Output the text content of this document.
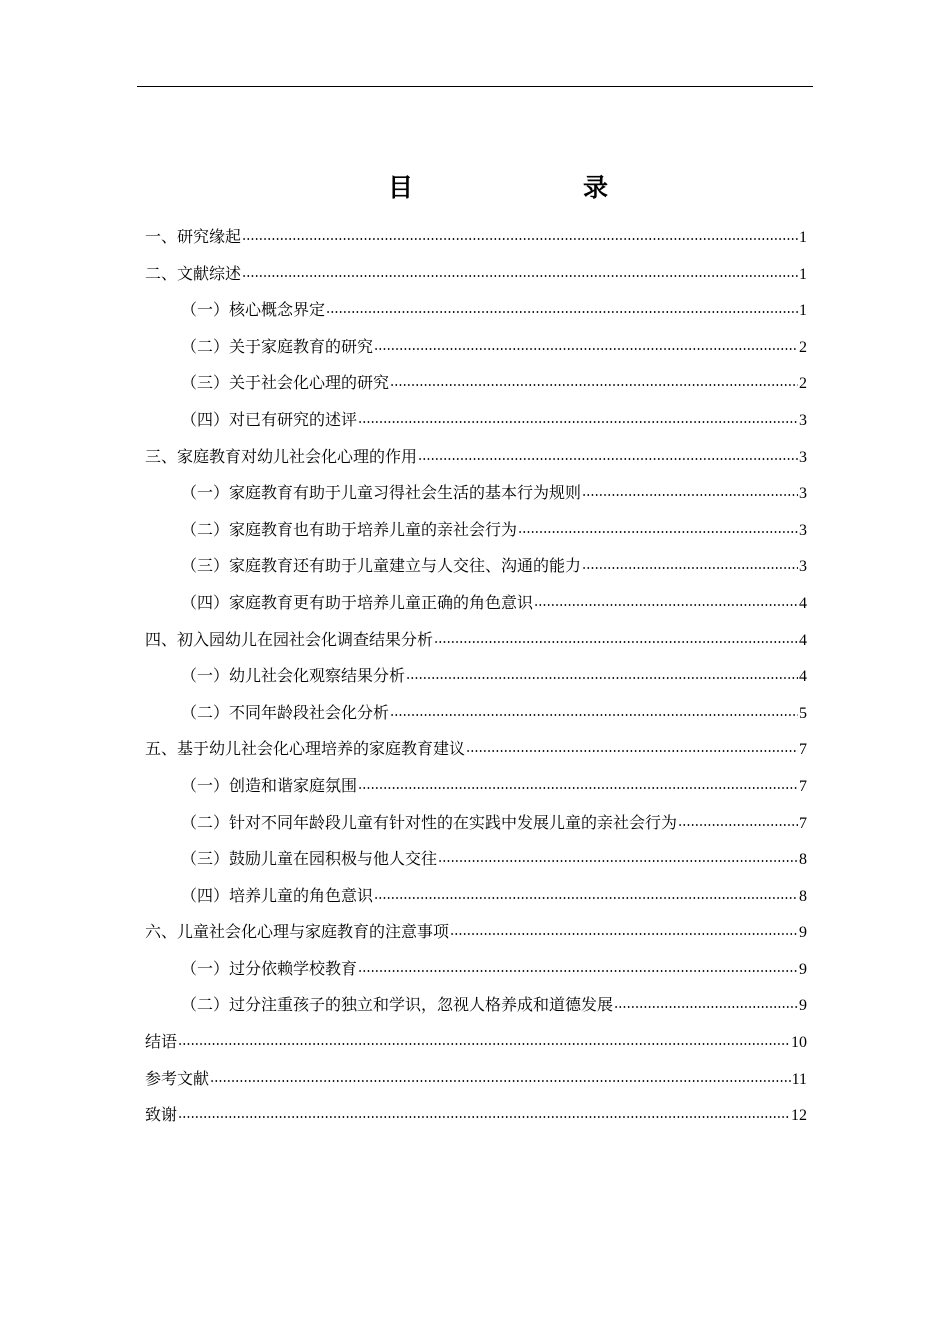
目　　录
一、研究缘起	1
二、文献综述	1
（一）核心概念界定	1
（二）关于家庭教育的研究	2
（三）关于社会化心理的研究	2
（四）对已有研究的述评	3
三、家庭教育对幼儿社会化心理的作用	3
（一）家庭教育有助于儿童习得社会生活的基本行为规则	3
（二）家庭教育也有助于培养儿童的亲社会行为	3
（三）家庭教育还有助于儿童建立与人交往、沟通的能力	3
（四）家庭教育更有助于培养儿童正确的角色意识	4
四、初入园幼儿在园社会化调查结果分析	4
（一）幼儿社会化观察结果分析	4
（二）不同年龄段社会化分析	5
五、基于幼儿社会化心理培养的家庭教育建议	7
（一）创造和谐家庭氛围	7
（二）针对不同年龄段儿童有针对性的在实践中发展儿童的亲社会行为	7
（三）鼓励儿童在园积极与他人交往	8
（四）培养儿童的角色意识	8
六、儿童社会化心理与家庭教育的注意事项	9
（一）过分依赖学校教育	9
（二）过分注重孩子的独立和学识，忽视人格养成和道德发展	9
结语	10
参考文献	11
致谢	12
